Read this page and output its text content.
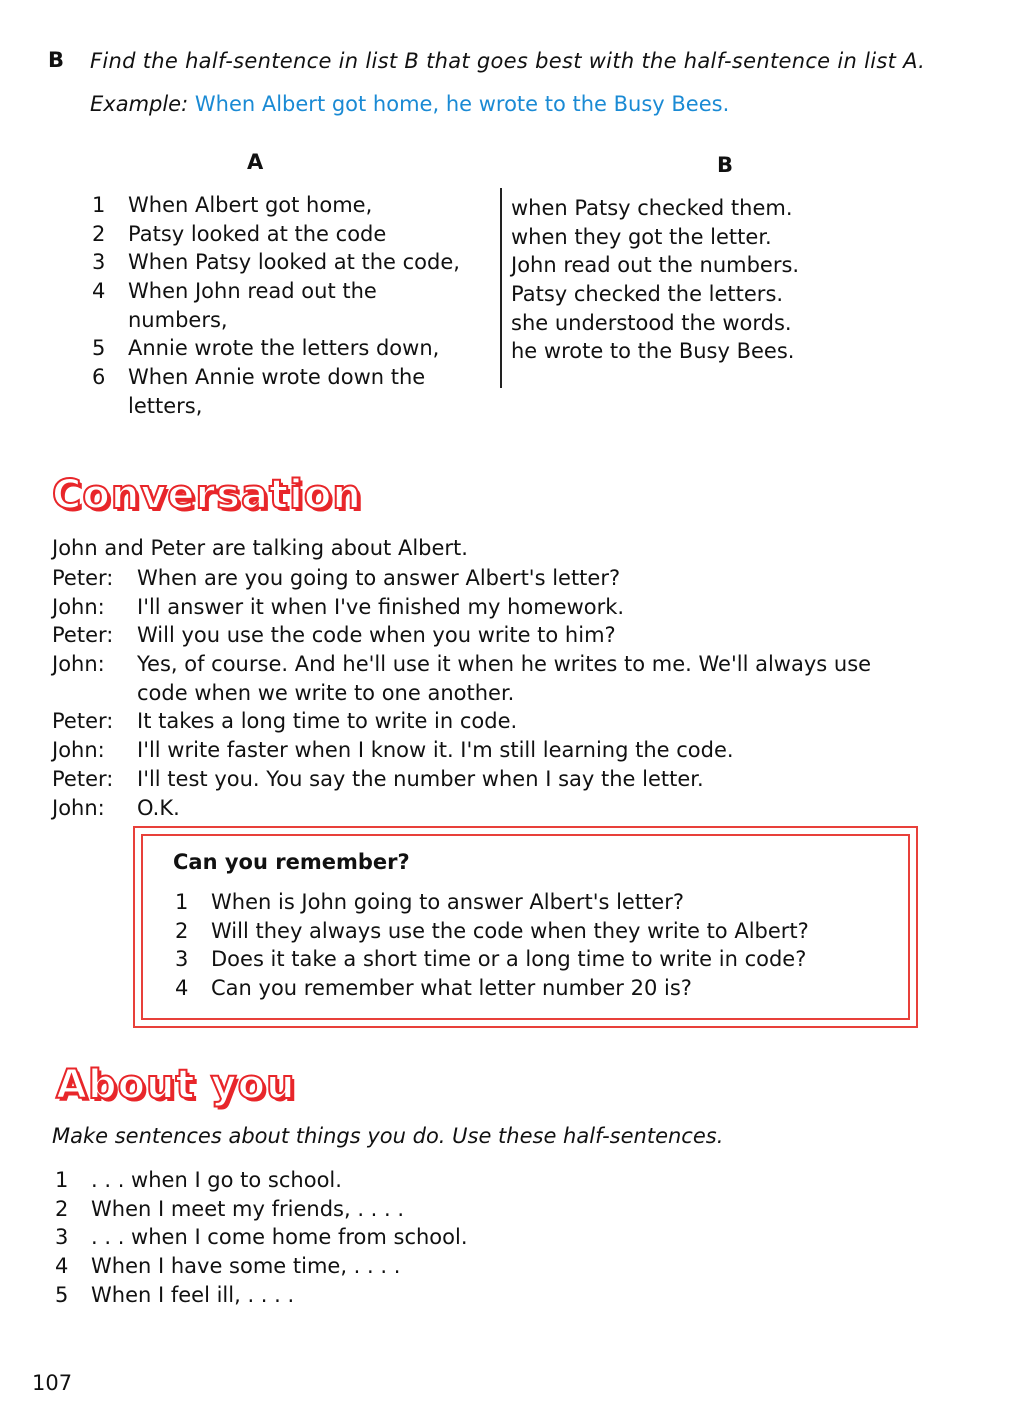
B Find the half-sentence in list B that goes best with the half-sentence in list A.
Example: When Albert got home, he wrote to the Busy Bees.
A	B
1 When Albert got home,
2 Patsy looked at the code
3 When Patsy looked at the code,
4 When John read out the
numbers,
5 Annie wrote the letters down,
6 When Annie wrote down the
letters,
when Patsy checked them.
when they got the letter.
John read out the numbers.
Patsy checked the letters.
she understood the words.
he wrote to the Busy Bees.
Conversation
John and Peter are talking about Albert.
Peter: When are you going to answer Albert's letter?
John: I'll answer it when I've finished my homework.
Peter: Will you use the code when you write to him?
John: Yes, of course. And he'll use it when he writes to me. We'll always use
code when we write to one another.
Peter: It takes a long time to write in code.
John: I'll write faster when I know it. I'm still learning the code.
Peter: I'll test you. You say the number when I say the letter.
John: O.K.
Can you remember?
1 When is John going to answer Albert's letter?
2 Will they always use the code when they write to Albert?
3 Does it take a short time or a long time to write in code?
4 Can you remember what letter number 20 is?
About you
Make sentences about things you do. Use these half-sentences.
1 . . . when I go to school.
2 When I meet my friends, . . . .
3 . . . when I come home from school.
4 When I have some time, . . . .
5 When I feel ill, . . . .
107
